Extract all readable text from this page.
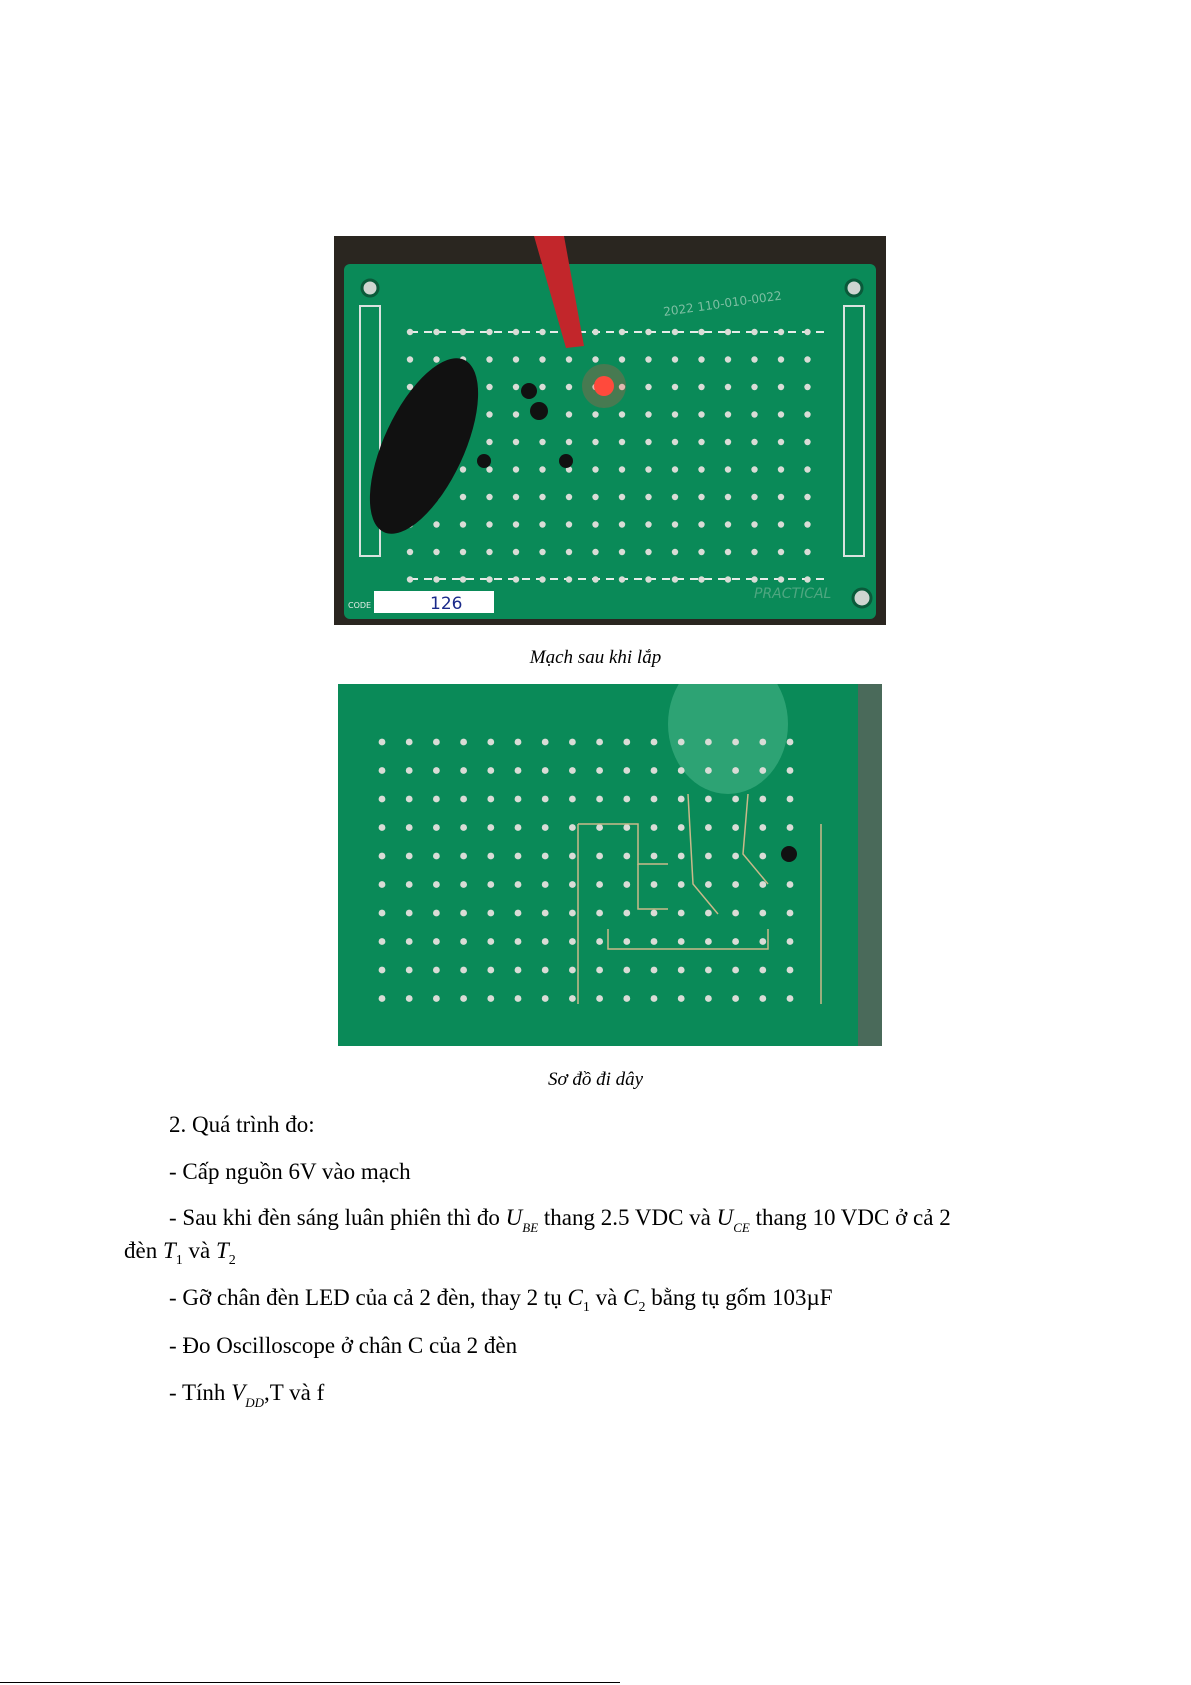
126
CODE
2022 110-010-0022
PRACTICAL
Mạch sau khi lắp
Sơ đồ đi dây
2. Quá trình đo:
- Cấp nguồn 6V vào mạch
- Sau khi đèn sáng luân phiên thì đo $U_{BE}$ thang 2.5 VDC và $U_{CE}$ thang 10 VDC ở cả 2
đèn $T_1$ và $T_2$
- Gỡ chân đèn LED của cả 2 đèn, thay 2 tụ $C_1$ và $C_2$ bằng tụ gốm 103µF
- Đo Oscilloscope ở chân C của 2 đèn
- Tính $V_{DD},T$ và f
